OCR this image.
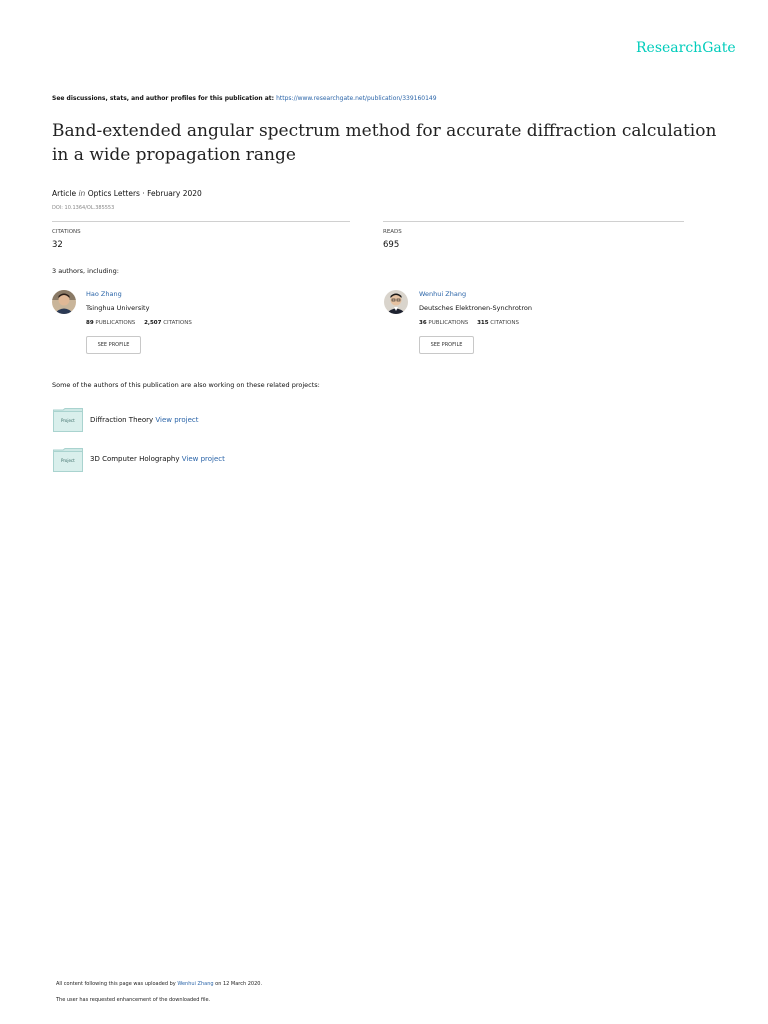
ResearchGate
See discussions, stats, and author profiles for this publication at: https://www.researchgate.net/publication/339160149
Band-extended angular spectrum method for accurate diffraction calculation in a wide propagation range
Article in Optics Letters · February 2020
DOI: 10.1364/OL.385553
CITATIONS
32
READS
695
3 authors, including:
Hao Zhang
Tsinghua University
89 PUBLICATIONS 2,507 CITATIONS
SEE PROFILE
Wenhui Zhang
Deutsches Elektronen-Synchrotron
36 PUBLICATIONS 315 CITATIONS
SEE PROFILE
Some of the authors of this publication are also working on these related projects:
Project Diffraction Theory View project
Project 3D Computer Holography View project
All content following this page was uploaded by Wenhui Zhang on 12 March 2020.
The user has requested enhancement of the downloaded file.
